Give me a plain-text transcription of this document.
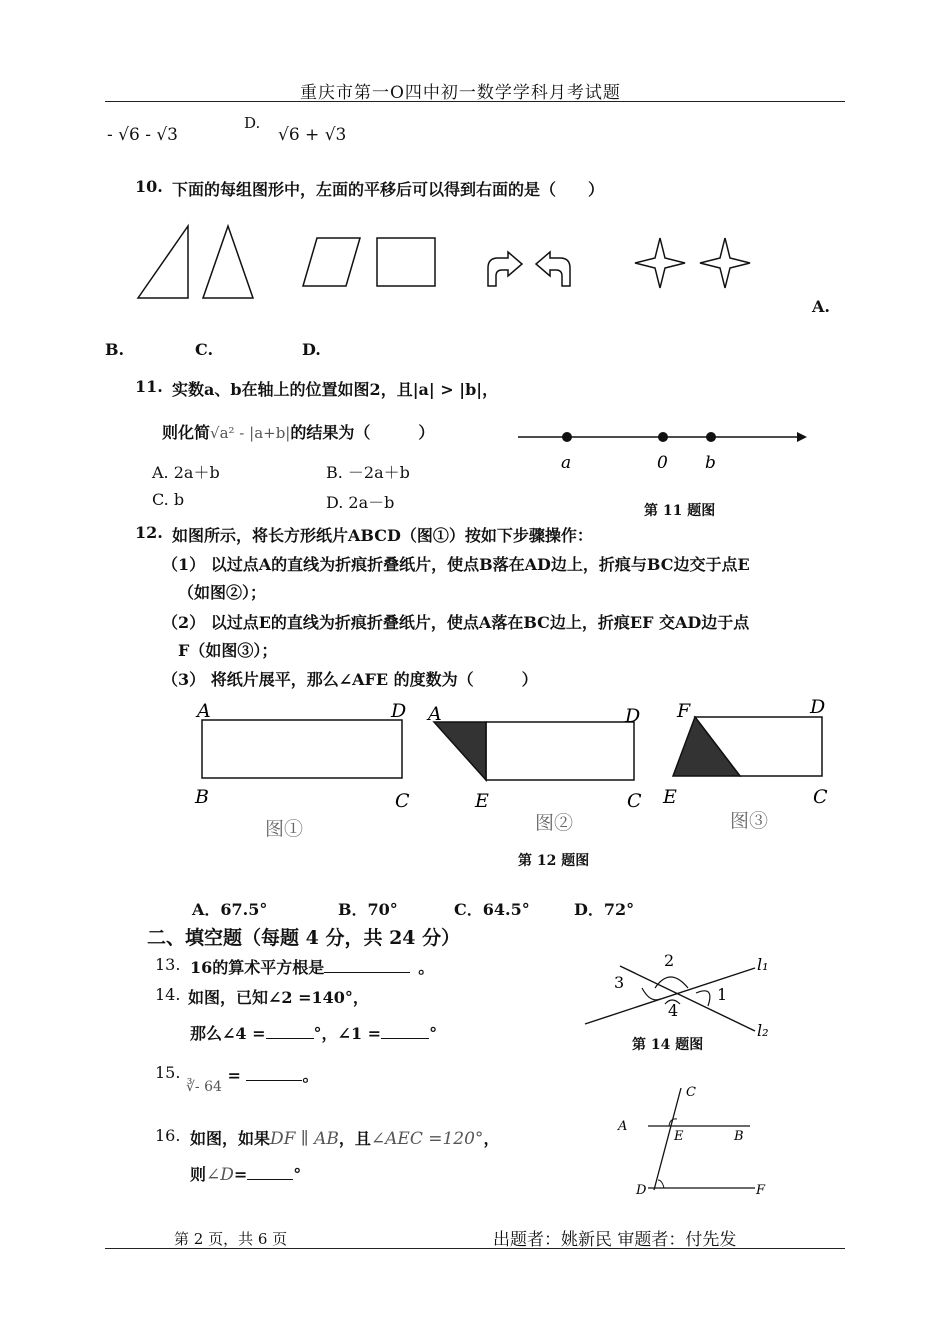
重庆市第一O四中初一数学学科月考试题
- √6 - √3
D.
√6 + √3
10. 下面的每组图形中，左面的平移后可以得到右面的是（　　）
A.
B.	C.	D.
11. 实数a、b在轴上的位置如图2，且|a| > |b|，
则化简√a² - |a+b|的结果为（　　　）
A. 2a＋b	B. －2a＋b
C. b	D. 2a－b
a	0 b
第 11 题图
12. 如图所示，将长方形纸片ABCD（图①）按如下步骤操作：
（1） 以过点A的直线为折痕折叠纸片，使点B落在AD边上，折痕与BC边交于点E
（如图②）；
（2） 以过点E的直线为折痕折叠纸片，使点A落在BC边上，折痕EF 交AD边于点
F（如图③）；
（3） 将纸片展平，那么∠AFE 的度数为（　　　）
A	D
B	C
图①
A	D
E	C
图②
F	D
E	C
图③
第 12 题图
A．67.5°	B．70°	C．64.5°	D．72°
二、填空题（每题 4 分，共 24 分）
13. 16的算术平方根是	。
14. 如图，已知∠2 =140°，
那么∠4 =	°，∠1 =	°
2
1
3
4
l₁
l₂
第 14 题图
15.
∛- 64 =	。
16. 如图，如果DF ∥ AB，且∠AEC =120°，
则∠D=	°
A
B
C
D
E
F
第 2 页，共 6 页	出题者：姚新民 审题者：付先发
